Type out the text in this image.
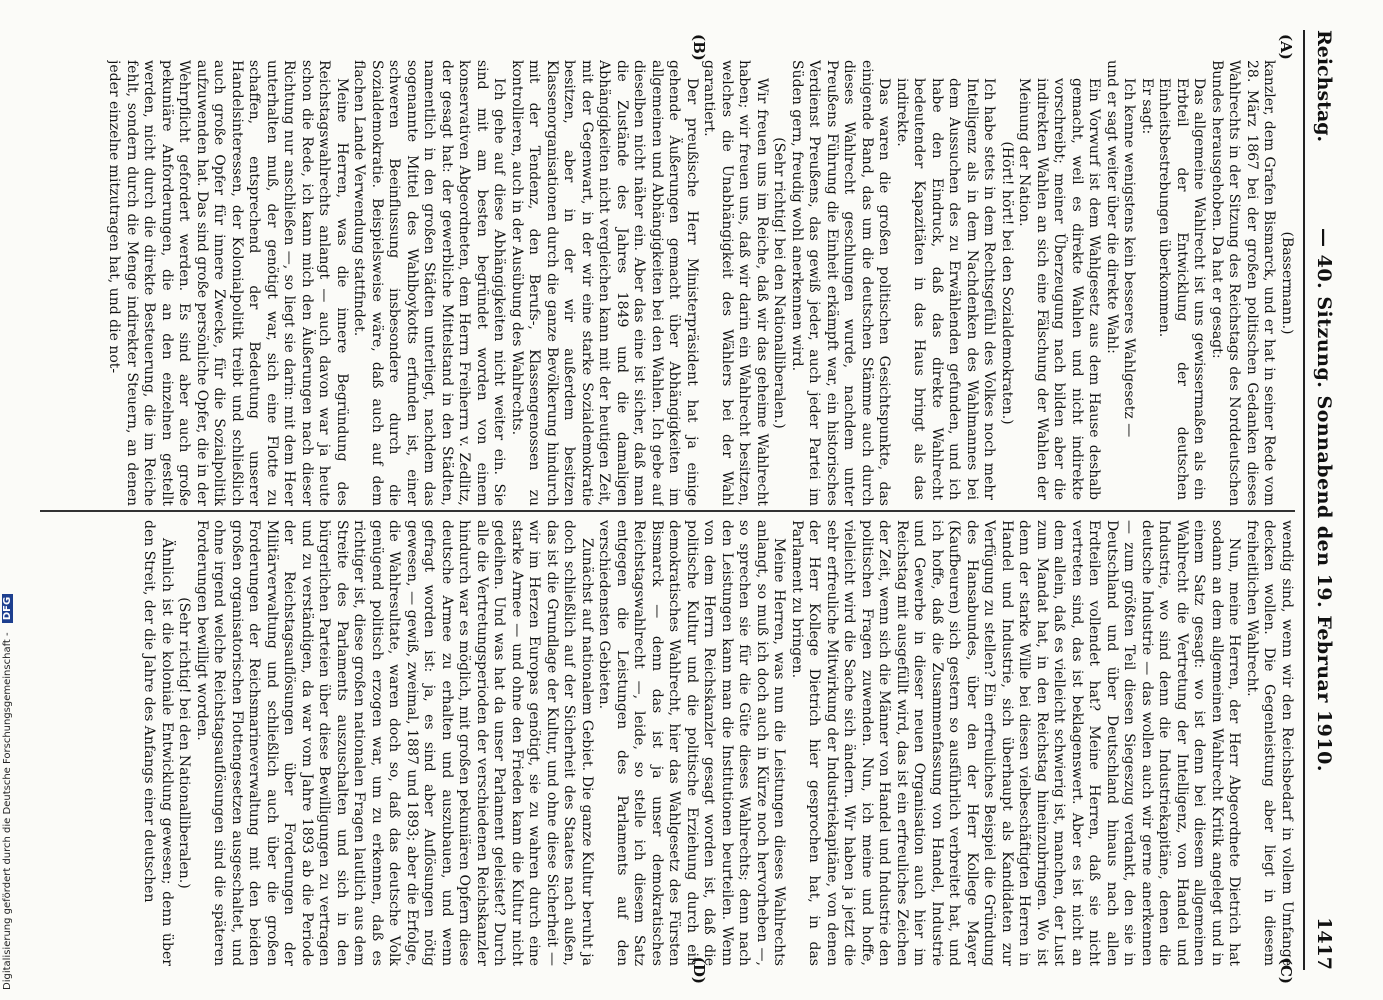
Reichstag.
— 40. Sitzung. Sonnabend den 19. Februar 1910.
1417
(A)
(B)
(C)
(D)

(Bassermann.)

kanzler, dem Grafen Bismarck, und er hat in seiner Rede vom 28. März 1867 bei der großen politischen Gedanken dieses Wahlrechts in der Sitzung des Reichstags des Norddeutschen Bundes herausgehoben. Da hat er gesagt:

Das allgemeine Wahlrecht ist uns gewissermaßen als ein Erbteil der Entwicklung der deutschen Einheitsbestrebungen überkommen.

Er sagt:

Ich kenne wenigstens kein besseres Wahlgesetz —

und er sagt weiter über die direkte Wahl:

Ein Vorwurf ist dem Wahlgesetz aus dem Hause deshalb gemacht, weil es direkte Wahlen und nicht indirekte vorschreibt; meiner Überzeugung nach bilden aber die indirekten Wahlen an sich eine Fälschung der Wahlen der Meinung der Nation.

(Hört! hört! bei den Sozialdemokraten.)

Ich habe stets in dem Rechtsgefühl des Volkes noch mehr Intelligenz als in dem Nachdenken des Wahlmannes bei dem Aussuchen des zu Erwählenden gefunden, und ich habe den Eindruck, daß das direkte Wahlrecht bedeutender Kapazitäten in das Haus bringt als das indirekte.

Das waren die großen politischen Gesichtspunkte, das einigende Band, das um die deutschen Stämme auch durch dieses Wahlrecht geschlungen wurde, nachdem unter Preußens Führung die Einheit erkämpft war, ein historisches Verdienst Preußens, das gewiß jeder, auch jeder Partei im Süden gern, freudig wohl anerkennen wird.

(Sehr richtig! bei den Nationalliberalen.)

Wir freuen uns im Reiche, daß wir das geheime Wahlrecht haben; wir freuen uns, daß wir darin ein Wahlrecht besitzen, welches die Unabhängigkeit des Wählers bei der Wahl garantiert.

Der preußische Herr Ministerpräsident hat ja einige gehende Äußerungen gemacht über Abhängigkeiten im allgemeinen und Abhängigkeiten bei den Wahlen. Ich gebe auf dieselben nicht näher ein. Aber das eine ist sicher, daß man die Zustände des Jahres 1849 und die damaligen Abhängigkeiten nicht vergleichen kann mit der heutigen Zeit, mit der Gegenwart, in der wir eine starke Sozialdemokratie besitzen, aber in der wir außerdem besitzen Klassenorganisationen durch die ganze Bevölkerung hindurch mit der Tendenz, den Berufs-, Klassengenossen zu kontrollieren, auch in der Ausübung des Wahlrechts.

Ich gehe auf diese Abhängigkeiten nicht weiter ein. Sie sind mit am besten begründet worden von einem konservativen Abgeordneten, dem Herrn Freiherrn v. Zedlitz, der gesagt hat: der gewerbliche Mittelstand in den Städten, namentlich in den großen Städten unterliegt, nachdem das sogenannte Mittel des Wahlboykotts erfunden ist, einer schweren Beeinflussung insbesondere durch die Sozialdemokratie. Beispielsweise wäre, daß auch auf dem flachen Lande Verwendung stattfindet.

Meine Herren, was die innere Begründung des Reichstagswahlrechts anlangt — auch davon war ja heute schon die Rede, ich kann mich den Äußerungen nach dieser Richtung nur anschließen —, so liegt sie darin: mit dem Heer unterhalten muß, der genötigt war, sich eine Flotte zu schaffen, entsprechend der Bedeutung unserer Handelsinteressen, der Kolonialpolitik treibt und schließlich auch große Opfer für innere Zwecke, für die Sozialpolitik aufzuwenden hat. Das sind große persönliche Opfer, die in der Wehrpflicht gefordert werden. Es sind aber auch große pekuniäre Anforderungen, die an den einzelnen gestellt werden, nicht durch die direkte Besteuerung, die im Reiche fehlt, sondern durch die Menge indirekter Steuern, an denen jeder einzelne mitzutragen hat, und die not-

wendig sind, wenn wir den Reichsbedarf in vollem Umfange decken wollen. Die Gegenleistung aber liegt in diesem freiheitlichen Wahlrecht.

Nun, meine Herren, der Herr Abgeordnete Dietrich hat sodann an dem allgemeinen Wahlrecht Kritik angelegt und in einem Satz gesagt: wo ist denn bei diesem allgemeinen Wahlrecht die Vertretung der Intelligenz, von Handel und Industrie, wo sind denn die Industriekapitäne, denen die deutsche Industrie — das wollen auch wir gerne anerkennen — zum größten Teil diesen Siegeszug verdankt, den sie in Deutschland und über Deutschland hinaus nach allen Erdteilen vollendet hat? Meine Herren, daß sie nicht vertreten sind, das ist beklagenswert. Aber es ist nicht an dem allein, daß es vielleicht schwierig ist, manchen, der Lust zum Mandat hat, in den Reichstag hineinzubringen. Wo ist denn der starke Wille bei diesen vielbeschäftigten Herren in Handel und Industrie, sich überhaupt als Kandidaten zur Verfügung zu stellen? Ein erfreuliches Beispiel die Gründung des Hansabundes, über den der Herr Kollege Mayer (Kaufbeuren) sich gestern so ausführlich verbreitet hat, und ich hoffe, daß die Zusammenfassung von Handel, Industrie und Gewerbe in dieser neuen Organisation auch hier im Reichstag mit ausgefüllt wird, das ist ein erfreuliches Zeichen der Zeit, wenn sich die Männer von Handel und Industrie den politischen Fragen zuwenden. Nun, ich meine und hoffe, vielleicht wird die Sache sich ändern. Wir haben ja jetzt die sehr erfreuliche Mitwirkung der Industriekapitäne, von denen der Herr Kollege Dietrich hier gesprochen hat, in das Parlament zu bringen.

Meine Herren, was nun die Leistungen dieses Wahlrechts anlangt, so muß ich doch auch in Kürze noch hervorheben —, so sprechen sie für die Güte dieses Wahlrechts; denn nach den Leistungen kann man die Institutionen beurteilen. Wenn von dem Herrn Reichskanzler gesagt worden ist, daß die politische Kultur und die politische Erziehung durch ein demokratisches Wahlrecht, hier das Wahlgesetz des Fürsten Bismarck — denn das ist ja unser demokratisches Reichstagswahlrecht —, leide, so stelle ich diesem Satz entgegen die Leistungen des Parlaments auf den verschiedensten Gebieten.

Zunächst auf nationalem Gebiet. Die ganze Kultur beruht ja doch schließlich auf der Sicherheit des Staates nach außen, das ist die Grundlage der Kultur, und ohne diese Sicherheit — wir im Herzen Europas genötigt, sie zu wahren durch eine starke Armee — und ohne den Frieden kann die Kultur nicht gedeihen. Und was hat da unser Parlament geleistet? Durch alle die Vertretungsperioden der verschiedenen Reichskanzler hindurch war es möglich, mit großen pekuniären Opfern diese deutsche Armee zu erhalten und auszubauen, und wenn gefragt worden ist: ja, es sind aber Auflösungen nötig gewesen, — gewiß, zweimal, 1887 und 1893; aber die Erfolge, die Wahlresultate, waren doch so, daß das deutsche Volk genügend politisch erzogen war, um zu erkennen, daß es richtiger ist, diese großen nationalen Fragen lautlich aus dem Streite des Parlaments auszuschalten und sich in den bürgerlichen Parteien über diese Bewilligungen zu vertragen und zu verständigen, da war vom Jahre 1893 ab die Periode der Reichstagsauflösungen über Forderungen der Militärverwaltung und schließlich auch über die großen Forderungen der Reichsmarineverwaltung mit den beiden großen organisatorischen Flottengesetzen ausgeschaltet, und ohne irgend welche Reichstagsauflösungen sind die späteren Forderungen bewilligt worden.

(Sehr richtig! bei den Nationalliberalen.)

Ähnlich ist die koloniale Entwicklung gewesen; denn über den Streit, der die Jahre des Anfangs einer deutschen

Digitalisierung gefördert durch die Deutsche Forschungsgemeinschaft - DFG
